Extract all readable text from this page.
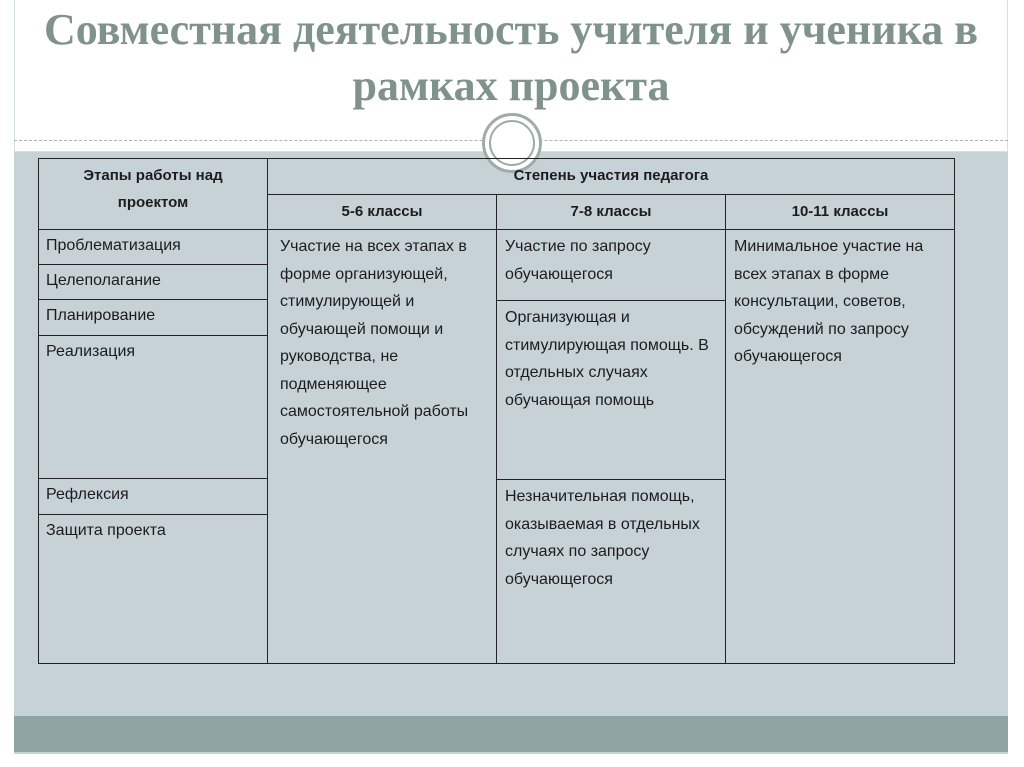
Совместная деятельность учителя и ученика в рамках проекта
Этапы работы над проектом
Степень участия педагога
5-6 классы	7-8 классы	10-11 классы
Проблематизация
Целеполагание
Планирование
Реализация
Рефлексия
Защита проекта
Участие на всех этапах в форме организующей, стимулирующей и обучающей помощи и руководства, не подменяющее самостоятельной работы обучающегося
Участие по запросу обучающегося
Организующая и стимулирующая помощь. В отдельных случаях обучающая помощь
Незначительная помощь, оказываемая в отдельных случаях по запросу обучающегося
Минимальное участие на всех этапах в форме консультации, советов, обсуждений по запросу обучающегося
